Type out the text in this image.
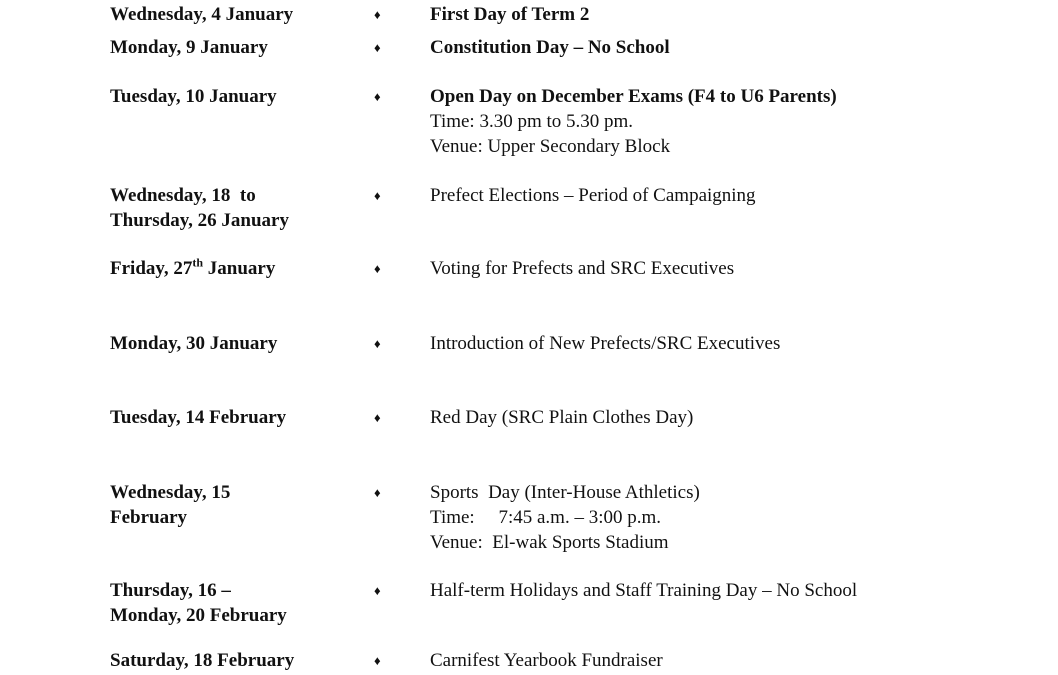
Wednesday, 4 January	♦	First Day of Term 2
Monday, 9 January	♦	Constitution Day – No School
Tuesday, 10 January	♦	Open Day on December Exams (F4 to U6 Parents)
Time: 3.30 pm to 5.30 pm.
Venue: Upper Secondary Block
Wednesday, 18  to
Thursday, 26 January
♦	Prefect Elections – Period of Campaigning
Friday, 27th January	♦	Voting for Prefects and SRC Executives
Monday, 30 January	♦	Introduction of New Prefects/SRC Executives
Tuesday, 14 February	♦	Red Day (SRC Plain Clothes Day)
Wednesday, 15
February
♦	Sports  Day (Inter-House Athletics)
Time:     7:45 a.m. – 3:00 p.m.
Venue:  El-wak Sports Stadium
Thursday, 16 –
Monday, 20 February
♦	Half-term Holidays and Staff Training Day – No School
Saturday, 18 February	♦	Carnifest Yearbook Fundraiser
